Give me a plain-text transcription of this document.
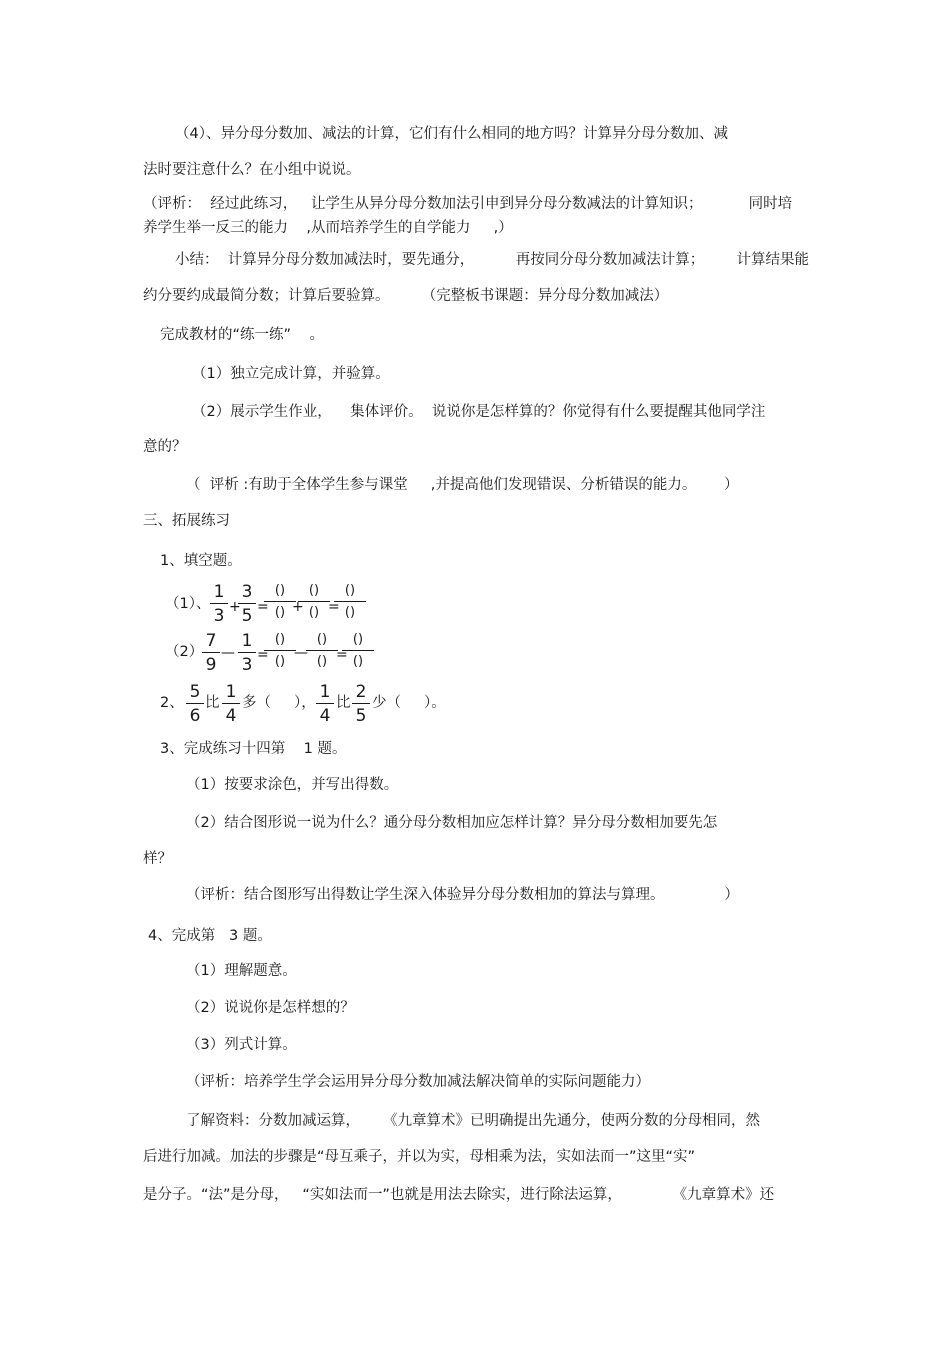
（4）、异分母分数加、减法的计算，它们有什么相同的地方吗？计算异分母分数加、减
法时要注意什么？在小组中说说。
（评析：  经过此练习，   让学生从异分母分数加法引申到异分母分数减法的计算知识；          同时培
养学生举一反三的能力    ,从而培养学生的自学能力     ,）
小结：  计算异分母分数加减法时，要先通分，         再按同分母分数加减法计算；       计算结果能
约分要约成最简分数；计算后要验算。       （完整板书课题：异分母分数加减法）
完成教材的“练一练”    。
（1）独立完成计算，并验算。
（2）展示学生作业，    集体评价。  说说你是怎样算的？你觉得有什么要提醒其他同学注
意的？
（  评析 :有助于全体学生参与课堂     ,并提高他们发现错误、分析错误的能力。      ）
三、拓展练习
1、填空题。
（1）、
1
3 +
3
5 =
()
() +
()
() =
()
()
（2）
7
9
—
1
3 =
()
()
—
()
() =
()
()
2、
5
6
比
1
4
多（     ），
1
4
比
2
5
少（     ）。
3、完成练习十四第    1 题。
（1）按要求涂色，并写出得数。
（2）结合图形说一说为什么？通分母分数相加应怎样计算？异分母分数相加要先怎
样？
（评析：结合图形写出得数让学生深入体验异分母分数相加的算法与算理。             ）
4、完成第   3 题。
（1）理解题意。
（2）说说你是怎样想的？
（3）列式计算。
（评析：培养学生学会运用异分母分数加减法解决简单的实际问题能力）
了解资料：分数加减运算，     《九章算术》已明确提出先通分，使两分数的分母相同，然
后进行加减。加法的步骤是“母互乘子，并以为实，母相乘为法，实如法而一”这里“实”
是分子。“法”是分母，   “实如法而一”也就是用法去除实，进行除法运算，           《九章算术》还
